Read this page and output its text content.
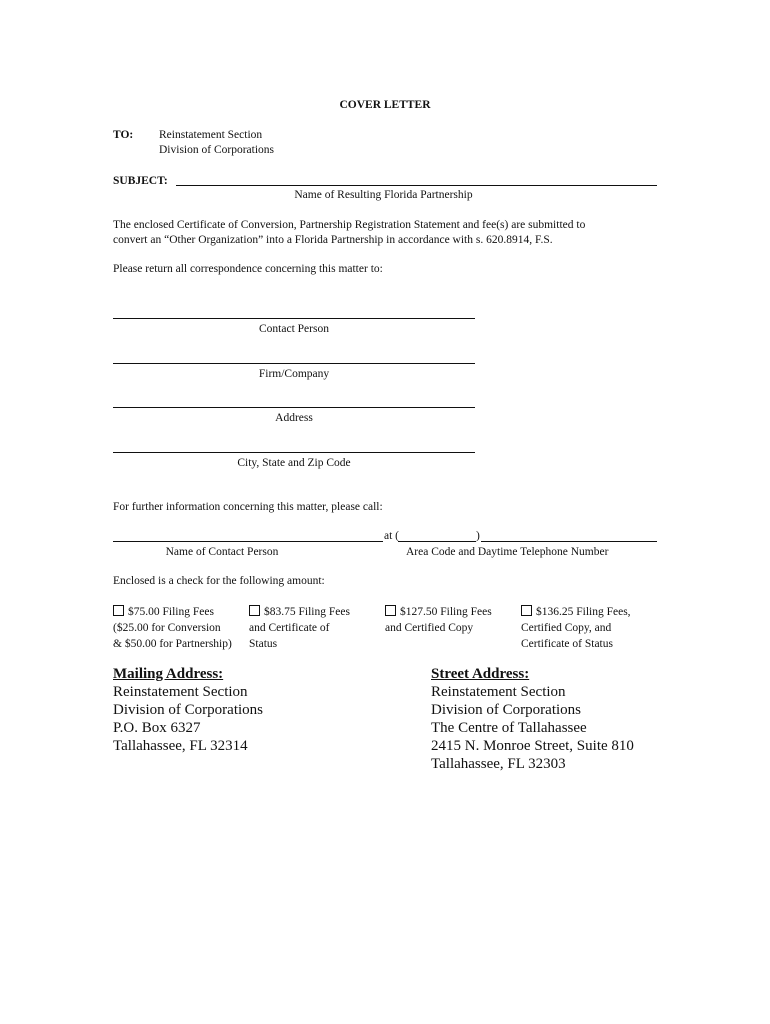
COVER LETTER
TO: Reinstatement Section
Division of Corporations
SUBJECT:
Name of Resulting Florida Partnership
The enclosed Certificate of Conversion, Partnership Registration Statement and fee(s) are submitted to
convert an “Other Organization” into a Florida Partnership in accordance with s. 620.8914, F.S.
Please return all correspondence concerning this matter to:
Contact Person
Firm/Company
Address
City, State and Zip Code
For further information concerning this matter, please call:
at (	)
Name of Contact Person	Area Code and Daytime Telephone Number
Enclosed is a check for the following amount:
$75.00 Filing Fees
($25.00 for Conversion
& $50.00 for Partnership)
$83.75 Filing Fees
and Certificate of
Status
$127.50 Filing Fees
and Certified Copy
$136.25 Filing Fees,
Certified Copy, and
Certificate of Status
Mailing Address:
Reinstatement Section
Division of Corporations
P.O. Box 6327
Tallahassee, FL 32314
Street Address:
Reinstatement Section
Division of Corporations
The Centre of Tallahassee
2415 N. Monroe Street, Suite 810
Tallahassee, FL 32303
